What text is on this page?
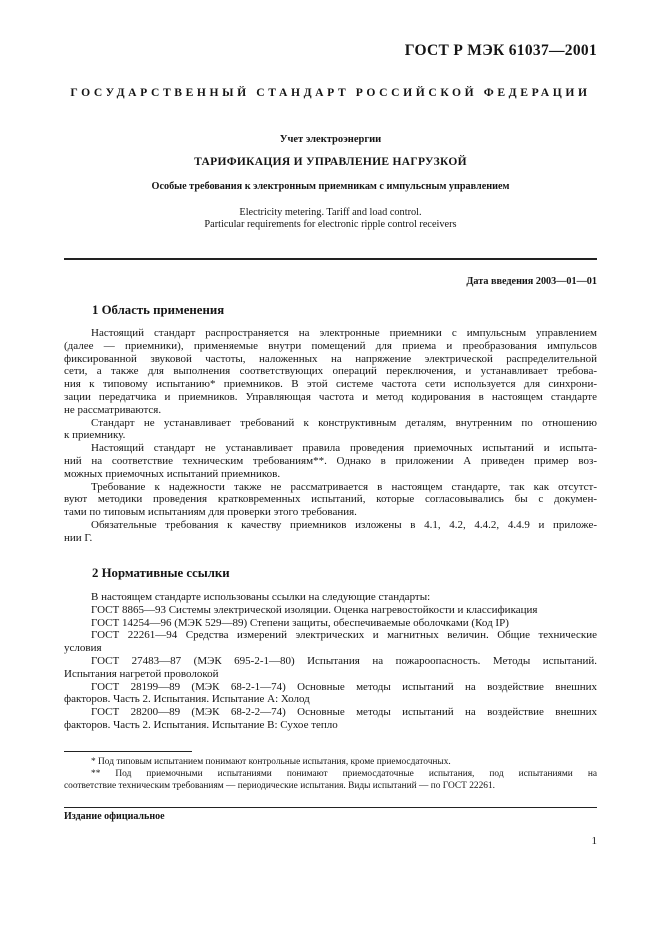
ГОСТ Р МЭК 61037—2001
ГОСУДАРСТВЕННЫЙ СТАНДАРТ РОССИЙСКОЙ ФЕДЕРАЦИИ
Учет электроэнергии
ТАРИФИКАЦИЯ И УПРАВЛЕНИЕ НАГРУЗКОЙ
Особые требования к электронным приемникам с импульсным управлением
Electricity metering. Tariff and load control.
Particular requirements for electronic ripple control receivers
Дата введения 2003—01—01
1 Область применения
Настоящий стандарт распространяется на электронные приемники с импульсным управлением
(далее — приемники), применяемые внутри помещений для приема и преобразования импульсов
фиксированной звуковой частоты, наложенных на напряжение электрической распределительной
сети, а также для выполнения соответствующих операций переключения, и устанавливает требова-
ния к типовому испытанию* приемников. В этой системе частота сети используется для синхрони-
зации передатчика и приемников. Управляющая частота и метод кодирования в настоящем стандарте
не рассматриваются.
Стандарт не устанавливает требований к конструктивным деталям, внутренним по отношению
к приемнику.
Настоящий стандарт не устанавливает правила проведения приемочных испытаний и испыта-
ний на соответствие техническим требованиям**. Однако в приложении А приведен пример воз-
можных приемочных испытаний приемников.
Требование к надежности также не рассматривается в настоящем стандарте, так как отсутст-
вуют методики проведения кратковременных испытаний, которые согласовывались бы с докумен-
тами по типовым испытаниям для проверки этого требования.
Обязательные требования к качеству приемников изложены в 4.1, 4.2, 4.4.2, 4.4.9 и приложе-
нии Г.
2 Нормативные ссылки
В настоящем стандарте использованы ссылки на следующие стандарты:
ГОСТ 8865—93 Системы электрической изоляции. Оценка нагревостойкости и классификация
ГОСТ 14254—96 (МЭК 529—89) Степени защиты, обеспечиваемые оболочками (Код IP)
ГОСТ 22261—94 Средства измерений электрических и магнитных величин. Общие технические
условия
ГОСТ 27483—87 (МЭК 695-2-1—80) Испытания на пожароопасность. Методы испытаний.
Испытания нагретой проволокой
ГОСТ 28199—89 (МЭК 68-2-1—74) Основные методы испытаний на воздействие внешних
факторов. Часть 2. Испытания. Испытание А: Холод
ГОСТ 28200—89 (МЭК 68-2-2—74) Основные методы испытаний на воздействие внешних
факторов. Часть 2. Испытания. Испытание В: Сухое тепло
* Под типовым испытанием понимают контрольные испытания, кроме приемосдаточных.
** Под приемочными испытаниями понимают приемосдаточные испытания, под испытаниями на
соответствие техническим требованиям — периодические испытания. Виды испытаний — по ГОСТ 22261.
Издание официальное
1
